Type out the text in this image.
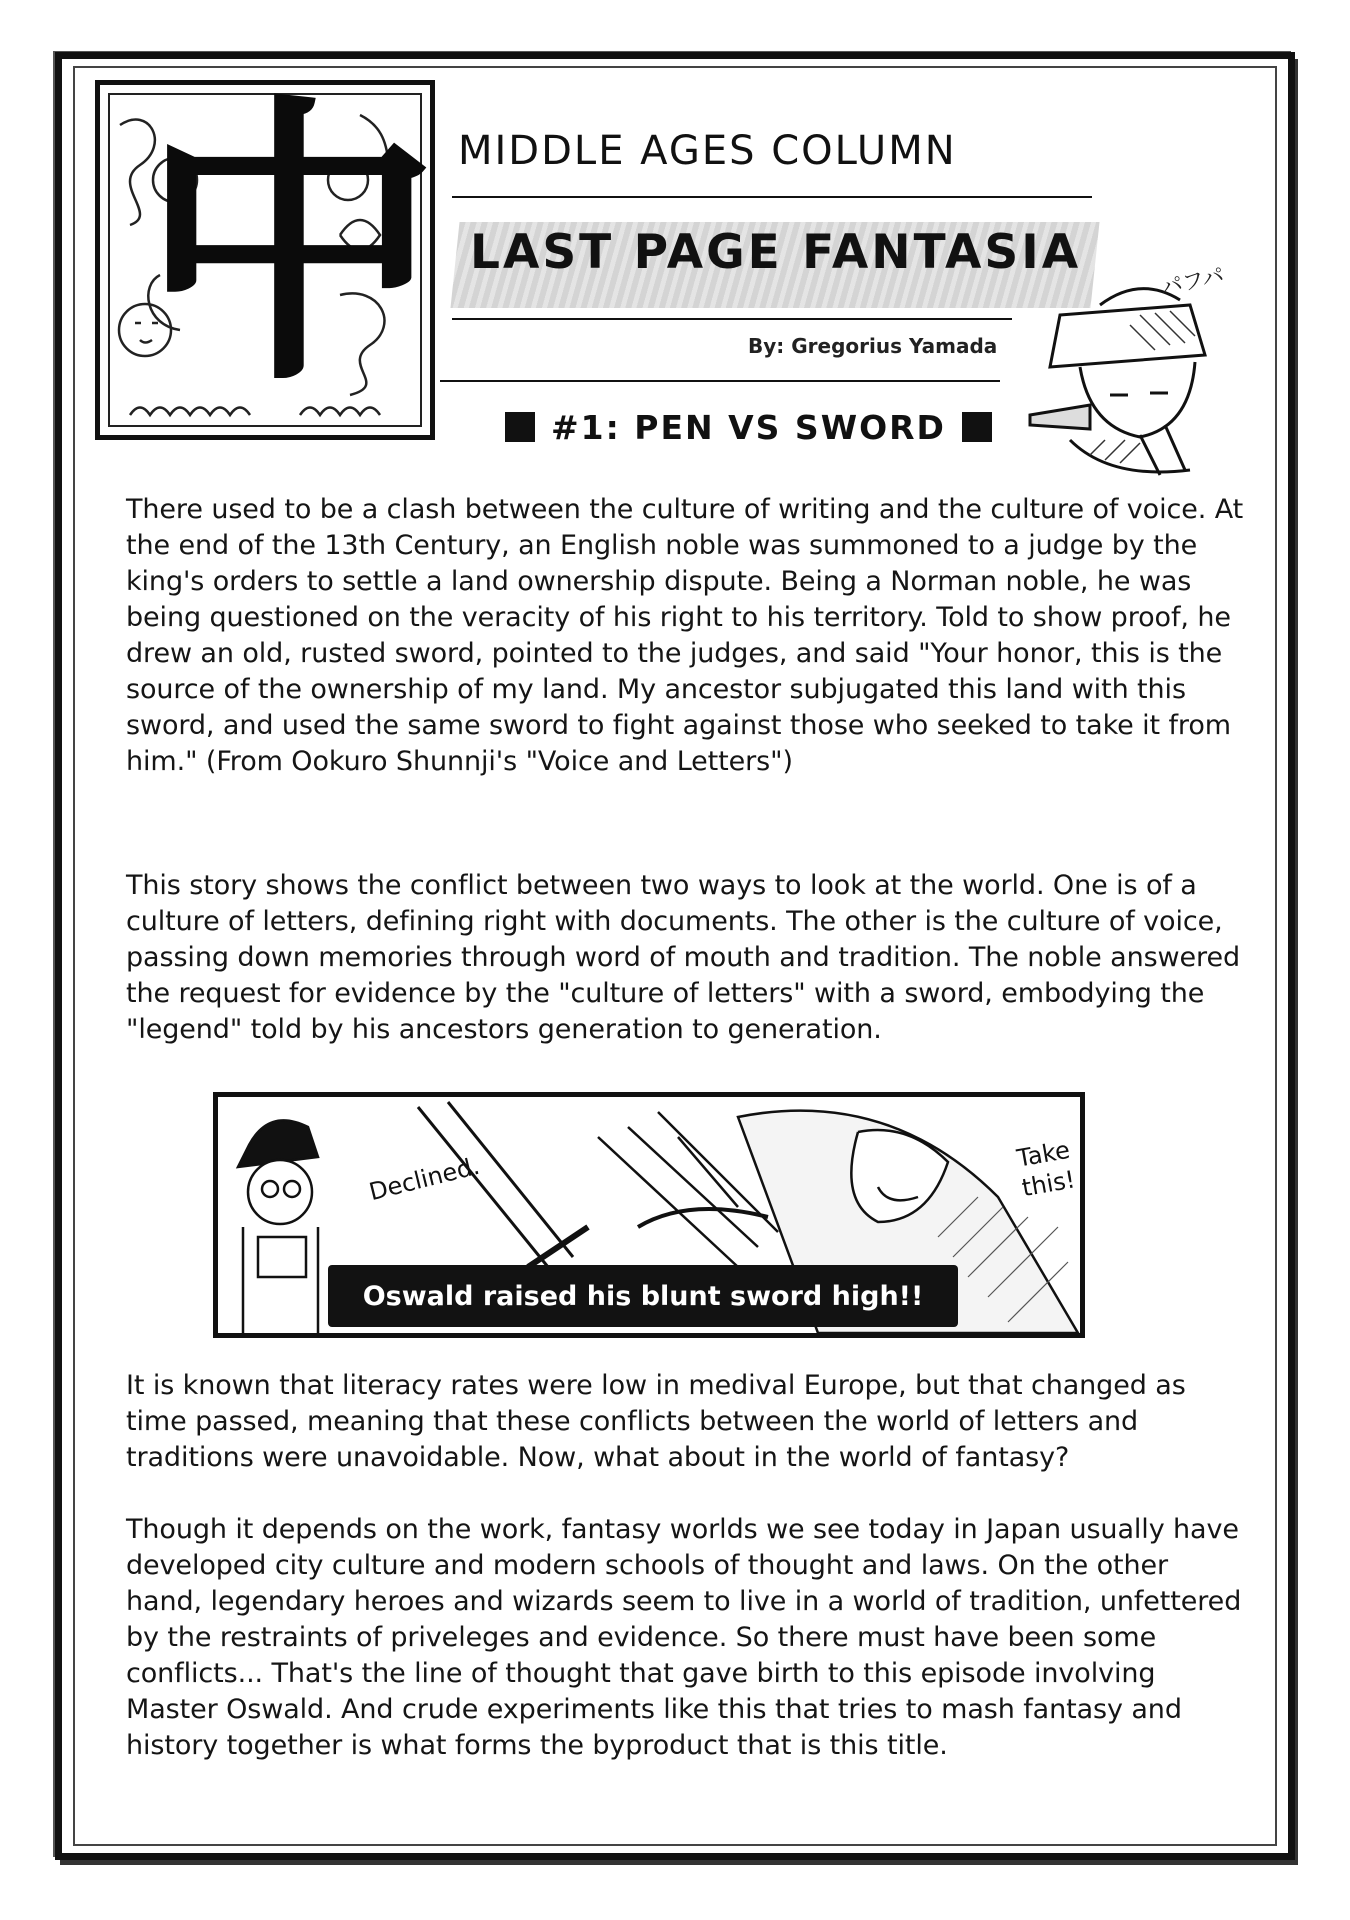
中 MIDDLE AGES COLUMN
LAST PAGE FANTASIA
By: Gregorius Yamada
#1: PEN VS SWORD
パフパ

There used to be a clash between the culture of writing and the culture of voice. At the end of the 13th Century, an English noble was summoned to a judge by the king's orders to settle a land ownership dispute. Being a Norman noble, he was being questioned on the veracity of his right to his territory. Told to show proof, he drew an old, rusted sword, pointed to the judges, and said "Your honor, this is the source of the ownership of my land. My ancestor subjugated this land with this sword, and used the same sword to fight against those who seeked to take it from him." (From Ookuro Shunnji's "Voice and Letters")

This story shows the conflict between two ways to look at the world. One is of a culture of letters, defining right with documents. The other is the culture of voice, passing down memories through word of mouth and tradition. The noble answered the request for evidence by the "culture of letters" with a sword, embodying the "legend" told by his ancestors generation to generation.

Declined.	Take this!
Oswald raised his blunt sword high!!

It is known that literacy rates were low in medival Europe, but that changed as time passed, meaning that these conflicts between the world of letters and traditions were unavoidable. Now, what about in the world of fantasy?

Though it depends on the work, fantasy worlds we see today in Japan usually have developed city culture and modern schools of thought and laws. On the other hand, legendary heroes and wizards seem to live in a world of tradition, unfettered by the restraints of priveleges and evidence. So there must have been some conflicts... That's the line of thought that gave birth to this episode involving Master Oswald. And crude experiments like this that tries to mash fantasy and history together is what forms the byproduct that is this title.
